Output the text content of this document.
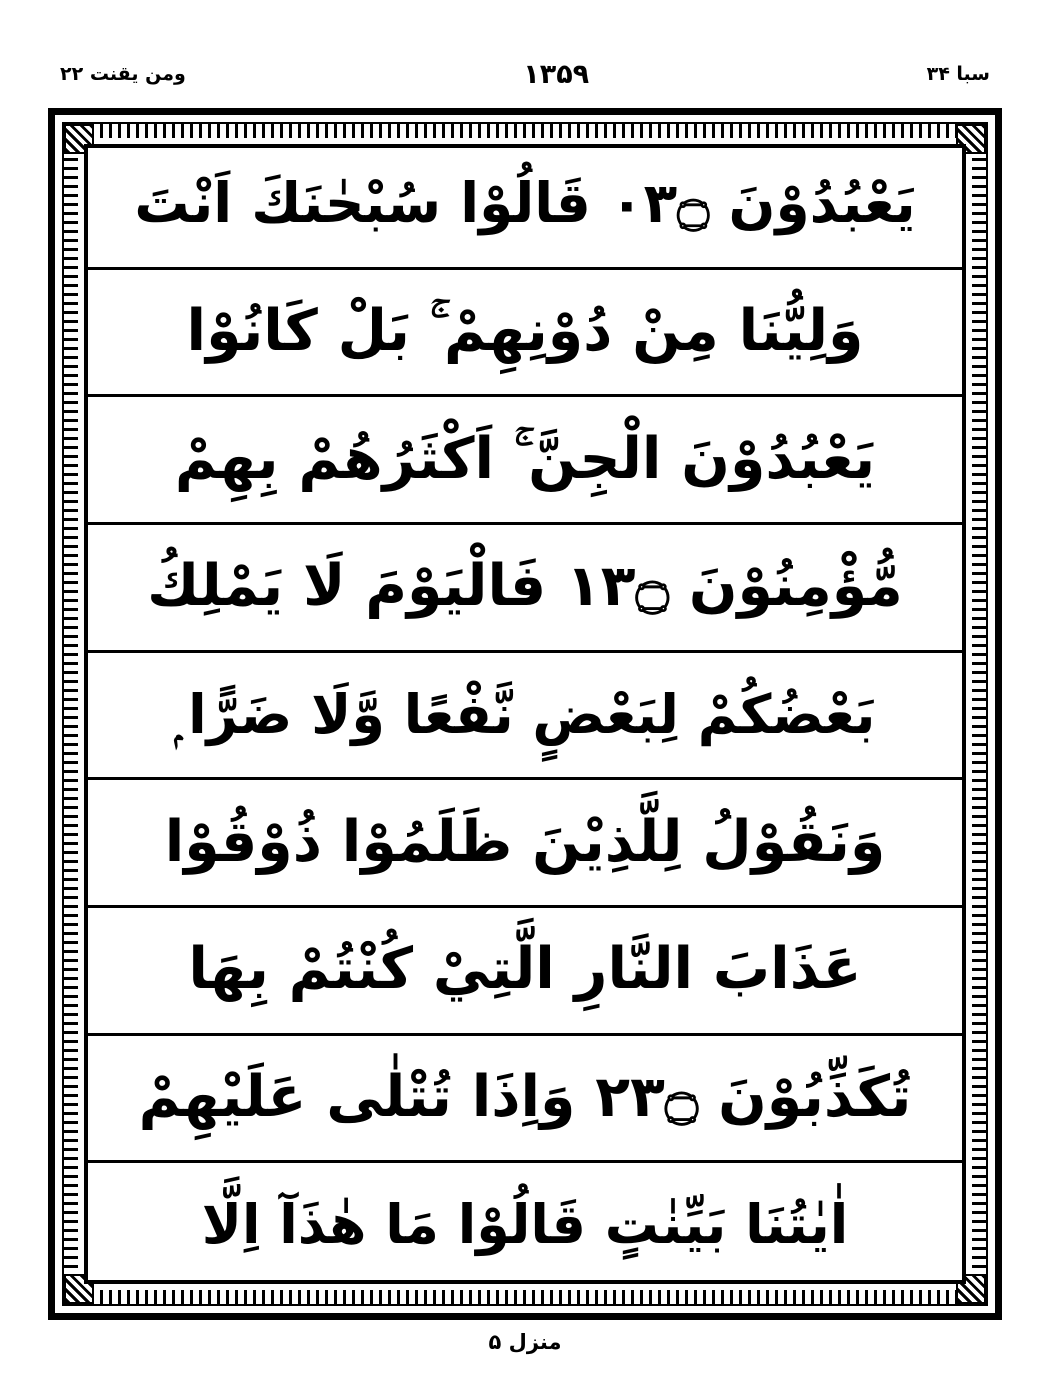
سبا ۳۴
۱۳۵۹
ومن يقنت ۲۲
يَعْبُدُوْنَ ۝۳۰ قَالُوْا سُبْحٰنَكَ اَنْتَ
وَلِيُّنَا مِنْ دُوْنِهِمْ ۚ بَلْ كَانُوْا
يَعْبُدُوْنَ الْجِنَّ ۚ اَكْثَرُهُمْ بِهِمْ
مُّؤْمِنُوْنَ ۝۳۱ فَالْيَوْمَ لَا يَمْلِكُ
بَعْضُكُمْ لِبَعْضٍ نَّفْعًا وَّلَا ضَرًّا ۭ
وَنَقُوْلُ لِلَّذِيْنَ ظَلَمُوْا ذُوْقُوْا
عَذَابَ النَّارِ الَّتِيْ كُنْتُمْ بِهَا
تُكَذِّبُوْنَ ۝۳۲ وَاِذَا تُتْلٰى عَلَيْهِمْ
اٰيٰتُنَا بَيِّنٰتٍ قَالُوْا مَا هٰذَآ اِلَّا
منزل ۵
